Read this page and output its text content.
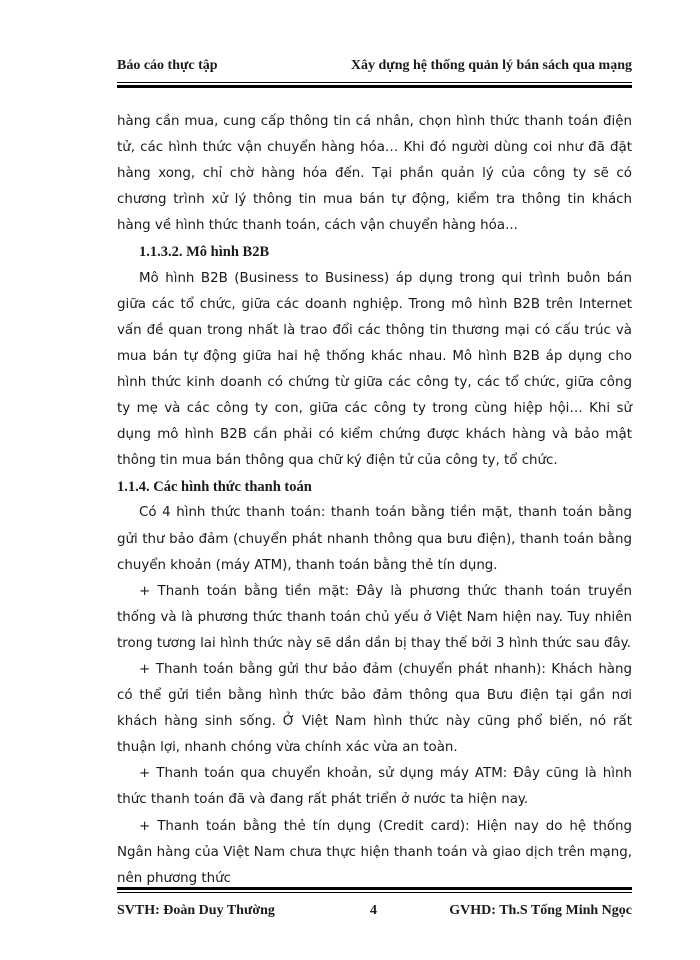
Báo cáo thực tập	Xây dựng hệ thống quản lý bán sách qua mạng

hàng cần mua, cung cấp thông tin cá nhân, chọn hình thức thanh toán điện tử, các hình thức vận chuyển hàng hóa… Khi đó người dùng coi như đã đặt hàng xong, chỉ chờ hàng hóa đến. Tại phần quản lý của công ty sẽ có chương trình xử lý thông tin mua bán tự động, kiểm tra thông tin khách hàng về hình thức thanh toán, cách vận chuyển hàng hóa...

1.1.3.2. Mô hình B2B

Mô hình B2B (Business to Business) áp dụng trong qui trình buôn bán giữa các tổ chức, giữa các doanh nghiệp. Trong mô hình B2B trên Internet vấn đề quan trong nhất là trao đổi các thông tin thương mại có cấu trúc và mua bán tự động giữa hai hệ thống khác nhau. Mô hình B2B áp dụng cho hình thức kinh doanh có chứng từ giữa các công ty, các tổ chức, giữa công ty mẹ và các công ty con, giữa các công ty trong cùng hiệp hội… Khi sử dụng mô hình B2B cần phải có kiểm chứng được khách hàng và bảo mật thông tin mua bán thông qua chữ ký điện tử của công ty, tổ chức.

1.1.4. Các hình thức thanh toán

Có 4 hình thức thanh toán: thanh toán bằng tiền mặt, thanh toán bằng gửi thư bảo đảm (chuyển phát nhanh thông qua bưu điện), thanh toán bằng chuyển khoản (máy ATM), thanh toán bằng thẻ tín dụng.

+ Thanh toán bằng tiền mặt: Đây là phương thức thanh toán truyền thống và là phương thức thanh toán chủ yếu ở Việt Nam hiện nay. Tuy nhiên trong tương lai hình thức này sẽ dần dần bị thay thế bởi 3 hình thức sau đây.

+ Thanh toán bằng gửi thư bảo đảm (chuyển phát nhanh): Khách hàng có thể gửi tiền bằng hình thức bảo đảm thông qua Bưu điện tại gần nơi khách hàng sinh sống. Ở Việt Nam hình thức này cũng phổ biến, nó rất thuận lợi, nhanh chóng vừa chính xác vừa an toàn.

+ Thanh toán qua chuyển khoản, sử dụng máy ATM: Đây cũng là hình thức thanh toán đã và đang rất phát triển ở nước ta hiện nay.

+ Thanh toán bằng thẻ tín dụng (Credit card): Hiện nay do hệ thống Ngân hàng của Việt Nam chưa thực hiện thanh toán và giao dịch trên mạng, nên phương thức

SVTH: Đoàn Duy Thường	4	GVHD: Th.S Tống Minh Ngọc
